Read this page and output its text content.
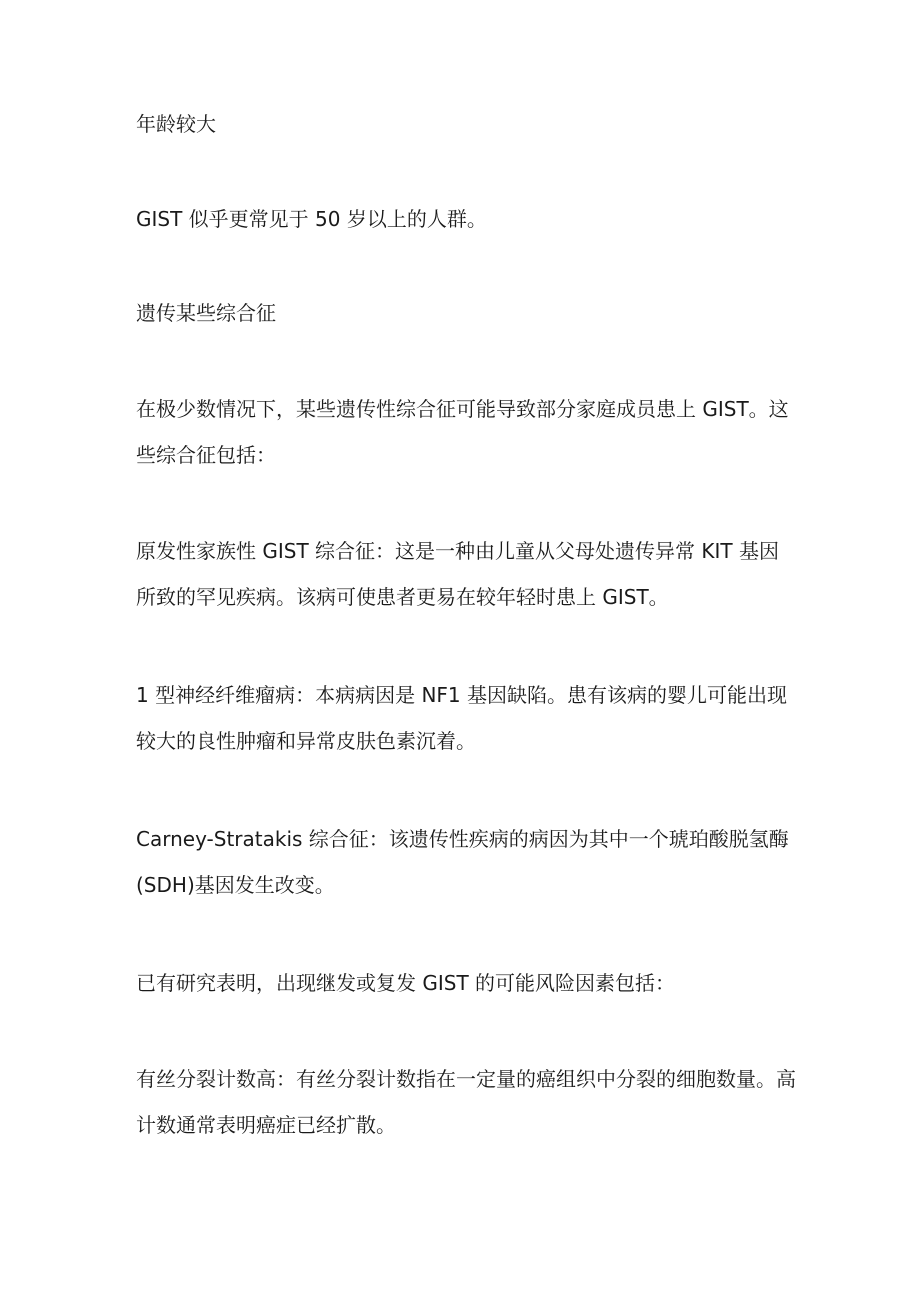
年龄较大

GIST 似乎更常见于 50 岁以上的人群。

遗传某些综合征

在极少数情况下，某些遗传性综合征可能导致部分家庭成员患上 GIST。这些综合征包括：

原发性家族性 GIST 综合征：这是一种由儿童从父母处遗传异常 KIT 基因所致的罕见疾病。该病可使患者更易在较年轻时患上 GIST。

1 型神经纤维瘤病：本病病因是 NF1 基因缺陷。患有该病的婴儿可能出现较大的良性肿瘤和异常皮肤色素沉着。

Carney-Stratakis 综合征：该遗传性疾病的病因为其中一个琥珀酸脱氢酶 (SDH)基因发生改变。

已有研究表明，出现继发或复发 GIST 的可能风险因素包括：

有丝分裂计数高：有丝分裂计数指在一定量的癌组织中分裂的细胞数量。高计数通常表明癌症已经扩散。
